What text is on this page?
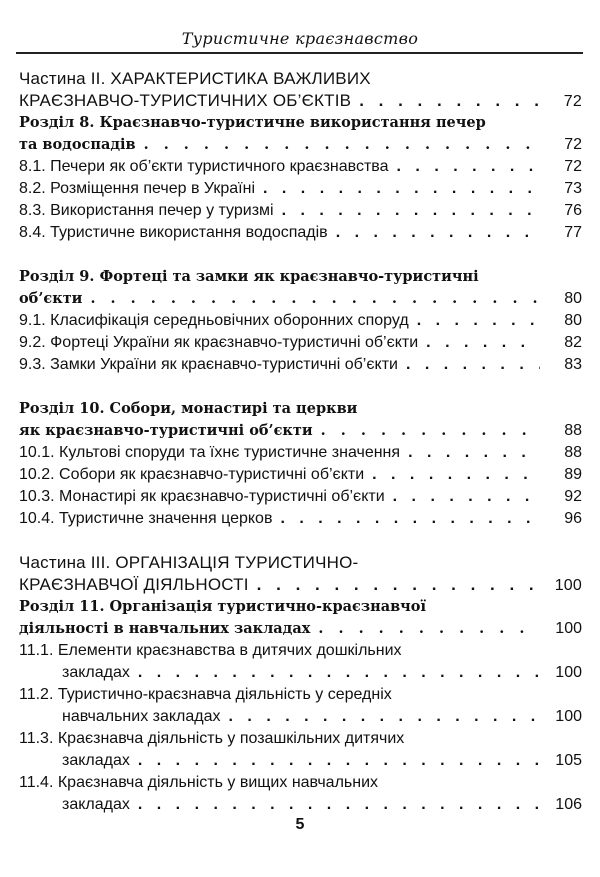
Туристичне краєзнавство
Частина ІІ. ХАРАКТЕРИСТИКА ВАЖЛИВИХ
КРАЄЗНАВЧО-ТУРИСТИЧНИХ ОБ’ЄКТІВ . . .	72
Розділ 8. Краєзнавчо-туристичне використання печер
та водоспадів . . .	72
8.1. Печери як об’єкти туристичного краєзнавства . . .	72
8.2. Розміщення печер в Україні . . .	73
8.3. Використання печер у туризмі . . .	76
8.4. Туристичне використання водоспадів . . .	77
Розділ 9. Фортеці та замки як краєзнавчо-туристичні
об’єкти . . .	80
9.1. Класифікація середньовічних оборонних споруд . . .	80
9.2. Фортеці України як краєзнавчо-туристичні об’єкти . . .	82
9.3. Замки України як краєнавчо-туристичні об’єкти . . .	83
Розділ 10. Собори, монастирі та церкви
як краєзнавчо-туристичні об’єкти . . .	88
10.1. Культові споруди та їхнє туристичне значення . . .	88
10.2. Собори як краєзнавчо-туристичні об’єкти . . .	89
10.3. Монастирі як краєзнавчо-туристичні об’єкти . . .	92
10.4. Туристичне значення церков . . .	96
Частина ІІІ. ОРГАНІЗАЦІЯ ТУРИСТИЧНО-
КРАЄЗНАВЧОЇ ДІЯЛЬНОСТІ . . .	100
Розділ 11. Організація туристично-краєзнавчої
діяльності в навчальних закладах . . .	100
11.1. Елементи краєзнавства в дитячих дошкільних
закладах . . .	100
11.2. Туристично-краєзнавча діяльність у середніх
навчальних закладах . . .	100
11.3. Краєзнавча діяльність у позашкільних дитячих
закладах . . .	105
11.4. Краєзнавча діяльність у вищих навчальних
закладах . . .	106
5
